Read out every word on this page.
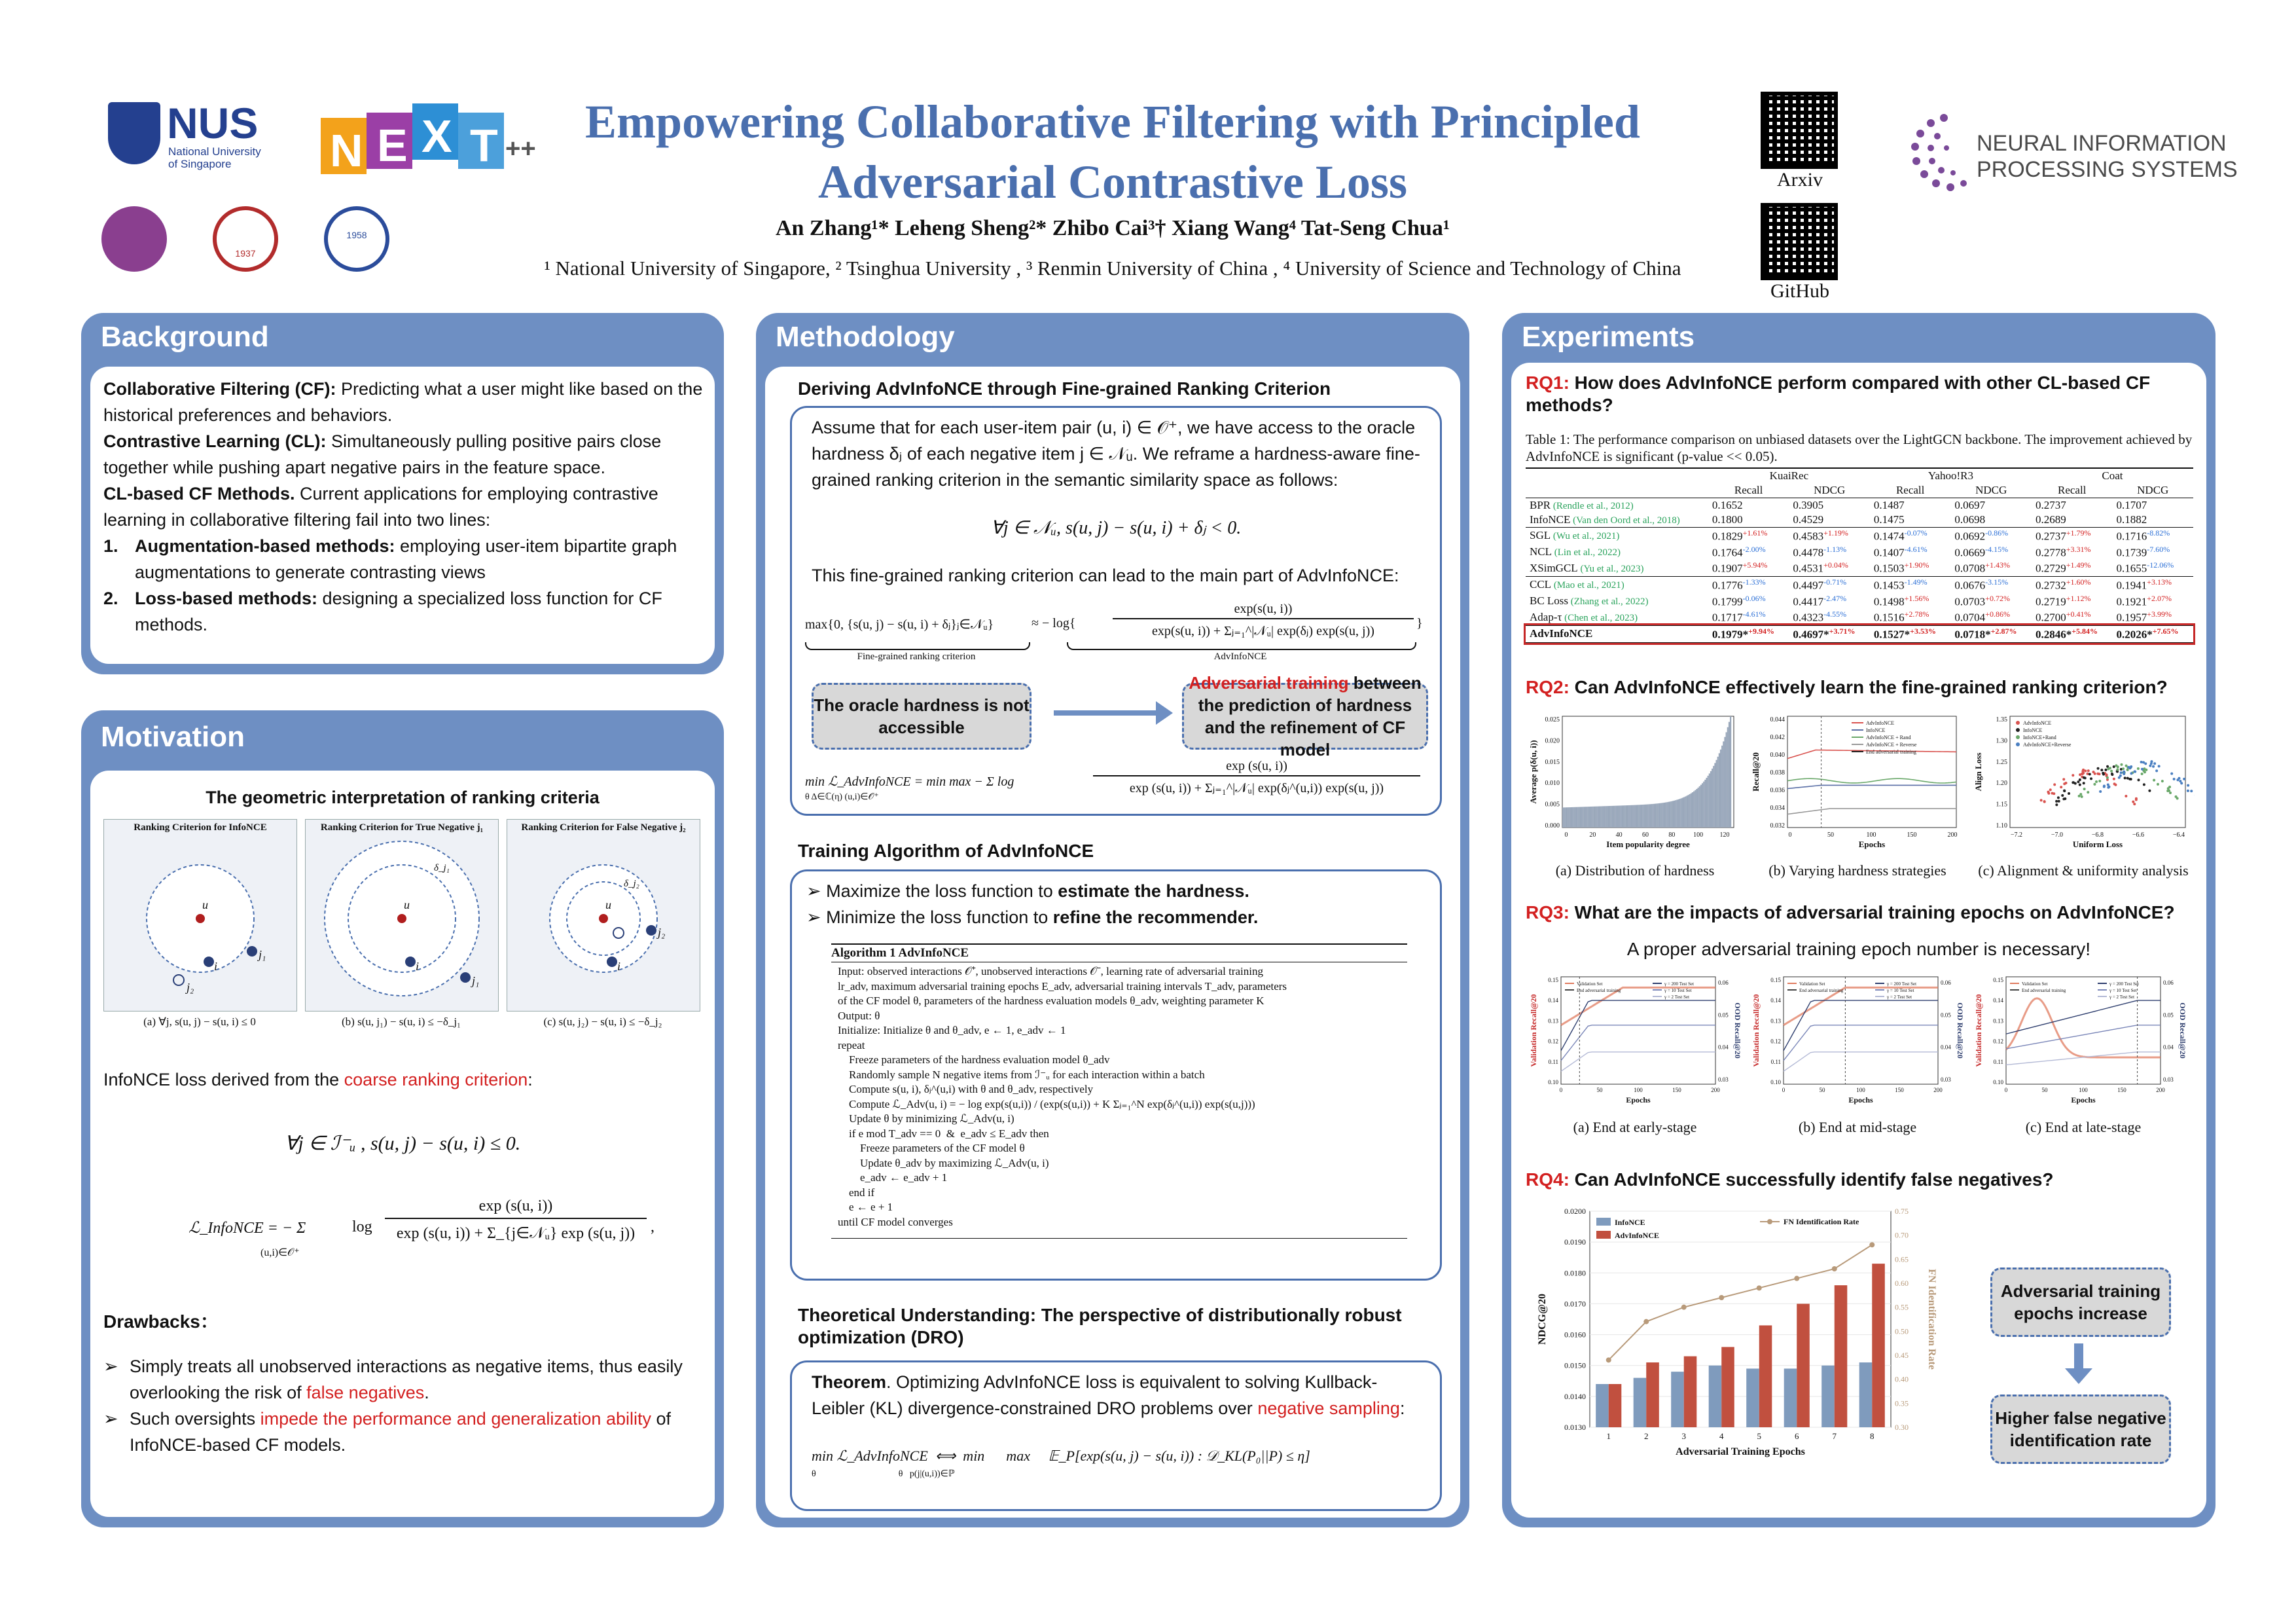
NUS
National University of Singapore	N E X T ++
1937
1958
Empowering Collaborative Filtering with Principled
Adversarial Contrastive Loss
An Zhang¹* Leheng Sheng²* Zhibo Cai³† Xiang Wang⁴ Tat-Seng Chua¹
¹ National University of Singapore, ² Tsinghua University , ³ Renmin University of China , ⁴ University of Science and Technology of China
Arxiv
GitHub
NEURAL INFORMATION
PROCESSING SYSTEMS
Background
Collaborative Filtering (CF): Predicting what a user might like based on the historical preferences and behaviors.
Contrastive Learning (CL): Simultaneously pulling positive pairs close together while pushing apart negative pairs in the feature space.
CL-based CF Methods. Current applications for employing contrastive learning in collaborative filtering fail into two lines:
1. Augmentation-based methods: employing user-item bipartite graph augmentations to generate contrasting views
2. Loss-based methods: designing a specialized loss function for CF methods.
Motivation
The geometric interpretation of ranking criteria
Ranking Criterion for InfoNCE
u
i
j₁
j₂
Ranking Criterion for True Negative j₁
u
i
j₁
δ_j₁
Ranking Criterion for False Negative j₂
u
i
j₂
δ_j₂
(a) ∀j, s(u, j) − s(u, i) ≤ 0	(b) s(u, j₁) − s(u, i) ≤ −δ_j₁	(c) s(u, j₂) − s(u, i) ≤ −δ_j₂
InfoNCE loss derived from the coarse ranking criterion:
∀j ∈ ℐ⁻ᵤ , s(u, j) − s(u, i) ≤ 0.
ℒ_InfoNCE = − Σ
(u,i)∈𝒪⁺
log
exp (s(u, i))
exp (s(u, i)) + Σ_{j∈𝒩ᵤ} exp (s(u, j)) ,
Drawbacks：
➢ Simply treats all unobserved interactions as negative items, thus easily overlooking the risk of false negatives.
➢ Such oversights impede the performance and generalization ability of InfoNCE-based CF models.
Methodology
Deriving AdvInfoNCE through Fine-grained Ranking Criterion
Assume that for each user-item pair (u, i) ∈ 𝒪⁺, we have access to the oracle hardness δⱼ of each negative item j ∈ 𝒩ᵤ. We reframe a hardness-aware fine-grained ranking criterion in the semantic similarity space as follows:
∀j ∈ 𝒩ᵤ, s(u, j) − s(u, i) + δⱼ < 0.
This fine-grained ranking criterion can lead to the main part of AdvInfoNCE:
max{0, {s(u, j) − s(u, i) + δⱼ}ⱼ∈𝒩ᵤ}	≈ − log{
exp(s(u, i))
exp(s(u, i)) + Σⱼ₌₁^|𝒩ᵤ| exp(δⱼ) exp(s(u, j))
}
Fine-grained ranking criterion	AdvInfoNCE
The oracle hardness is not accessible
Adversarial training between the prediction of hardness and the refinement of CF model
min ℒ_AdvInfoNCE = min max − Σ log
θ Δ∈ℂ(η) (u,i)∈𝒪⁺
exp (s(u, i))
exp (s(u, i)) + Σⱼ₌₁^|𝒩ᵤ| exp(δⱼ^(u,i)) exp(s(u, j))
Training Algorithm of AdvInfoNCE
➢ Maximize the loss function to estimate the hardness.
➢ Minimize the loss function to refine the recommender.
Algorithm 1 AdvInfoNCE
Input: observed interactions 𝒪⁺, unobserved interactions 𝒪⁻, learning rate of adversarial training
lr_adv, maximum adversarial training epochs E_adv, adversarial training intervals T_adv, parameters
of the CF model θ, parameters of the hardness evaluation models θ_adv, weighting parameter K
Output: θ
Initialize: Initialize θ and θ_adv, e ← 1, e_adv ← 1
repeat
Freeze parameters of the hardness evaluation model θ_adv
Randomly sample N negative items from ℐ⁻ᵤ for each interaction within a batch
Compute s(u, i), δⱼ^(u,i) with θ and θ_adv, respectively
Compute ℒ_Adv(u, i) = − log exp(s(u,i)) / (exp(s(u,i)) + K Σⱼ₌₁^N exp(δⱼ^(u,i)) exp(s(u,j)))
Update θ by minimizing ℒ_Adv(u, i)
if e mod T_adv == 0  &  e_adv ≤ E_adv then
Freeze parameters of the CF model θ
Update θ_adv by maximizing ℒ_Adv(u, i)
e_adv ← e_adv + 1
end if
e ← e + 1
until CF model converges
Theoretical Understanding: The perspective of distributionally robust optimization (DRO)
Theorem. Optimizing AdvInfoNCE loss is equivalent to solving Kullback-Leibler (KL) divergence-constrained DRO problems over negative sampling:
min ℒ_AdvInfoNCE  ⟺  min      max     𝔼_P[exp(s(u, j) − s(u, i)) : 𝒟_KL(P₀||P) ≤ η]
θ                                    θ   p(j|(u,i))∈ℙ
Experiments
RQ1: How does AdvInfoNCE perform compared with other CL-based CF methods?
Table 1: The performance comparison on unbiased datasets over the LightGCN backbone. The improvement achieved by AdvInfoNCE is significant (p-value << 0.05).
	KuaiRec		Yahoo!R3		Coat	
	Recall	NDCG	Recall	NDCG	Recall	NDCG
BPR (Rendle et al., 2012)	0.1652	0.3905	0.1487	0.0697	0.2737	0.1707
InfoNCE (Van den Oord et al., 2018)	0.1800	0.4529	0.1475	0.0698	0.2689	0.1882
SGL (Wu et al., 2021)	$0.1829^{+1.61\%}$	$0.4583^{+1.19\%}$	$0.1474^{-0.07\%}$	$0.0692^{-0.86\%}$	$0.2737^{+1.79\%}$	$0.1716^{-8.82\%}$
NCL (Lin et al., 2022)	$0.1764^{-2.00\%}$	$0.4478^{-1.13\%}$	$0.1407^{-4.61\%}$	$0.0669^{-4.15\%}$	$0.2778^{+3.31\%}$	$0.1739^{-7.60\%}$
XSimGCL (Yu et al., 2023)	$0.1907^{+5.94\%}$	$0.4531^{+0.04\%}$	$0.1503^{+1.90\%}$	$0.0708^{+1.43\%}$	$0.2729^{+1.49\%}$	$0.1655^{-12.06\%}$
CCL (Mao et al., 2021)	$0.1776^{-1.33\%}$	$0.4497^{-0.71\%}$	$0.1453^{-1.49\%}$	$0.0676^{-3.15\%}$	$0.2732^{+1.60\%}$	$0.1941^{+3.13\%}$
BC Loss (Zhang et al., 2022)	$0.1799^{-0.06\%}$	$0.4417^{-2.47\%}$	$0.1498^{+1.56\%}$	$0.0703^{+0.72\%}$	$0.2719^{+1.12\%}$	$0.1921^{+2.07\%}$
Adap-τ (Chen et al., 2023)	$0.1717^{-4.61\%}$	$0.4323^{-4.55\%}$	$0.1516^{+2.78\%}$	$0.0704^{+0.86\%}$	$0.2700^{+0.41\%}$	$0.1957^{+3.99\%}$
AdvInfoNCE	0.1979*$^{+9.94\%}$	0.4697*$^{+3.71\%}$	0.1527*$^{+3.53\%}$	0.0718*$^{+2.87\%}$	0.2846*$^{+5.84\%}$	0.2026*$^{+7.65\%}$
RQ2: Can AdvInfoNCE effectively learn the fine-grained ranking criterion?
0.025
0.020
0.015
0.010
0.005
0.000
0	20	40	60	80	100	120
Item popularity degree
Average p(δ(u, i))
(a) Distribution of hardness
AdvInfoNCE
InfoNCE
AdvInfoNCE + Rand
AdvInfoNCE + Reverse
End adversarial training
0.044
0.042
0.040
0.038
0.036
0.034
0.032
0	50	100	150	200
Epochs
Recall@20
(b) Varying hardness strategies
AdvInfoNCE
InfoNCE
InfoNCE+Rand
AdvInfoNCE+Reverse
1.35
1.30
1.25
1.20
1.15
1.10
−7.2	−7.0	−6.8	−6.6	−6.4
Uniform Loss
Align Loss
(c) Alignment & uniformity analysis
RQ3: What are the impacts of adversarial training epochs on AdvInfoNCE?
A proper adversarial training epoch number is necessary!
Validation Set
End adversarial training
γ = 200 Test Set
γ = 10 Test Set
γ = 2 Test Set
0	50	100	150	200
0.15
0.14
0.13
0.12
0.11
0.10
0.06
0.05
0.04
0.03
Epochs
Validation Recall@20	OOD Recall@20
(a) End at early-stage
Validation Set
End adversarial training
γ = 200 Test Set
γ = 10 Test Set
γ = 2 Test Set
0	50	100	150	200
0.15
0.14
0.13
0.12
0.11
0.10
0.06
0.05
0.04
0.03
Epochs
Validation Recall@20	OOD Recall@20
(b) End at mid-stage
Validation Set
End adversarial training
γ = 200 Test Set
γ = 10 Test Set
γ = 2 Test Set
0	50	100	150	200
0.15
0.14
0.13
0.12
0.11
0.10
0.06
0.05
0.04
0.03
Epochs
Validation Recall@20	OOD Recall@20
(c) End at late-stage
RQ4: Can AdvInfoNCE successfully identify false negatives?
0.0200
0.0190
0.0180
0.0170
0.0160
0.0150
0.0140
0.0130
0.75
0.70
0.65
0.60
0.55
0.50
0.45
0.40
0.35
0.30
1	2	3	4	5	6	7	8
Adversarial Training Epochs
NDCG@20	FN Identification Rate
InfoNCE
AdvInfoNCE
FN Identification Rate
Adversarial training epochs increase
Higher false negative identification rate
